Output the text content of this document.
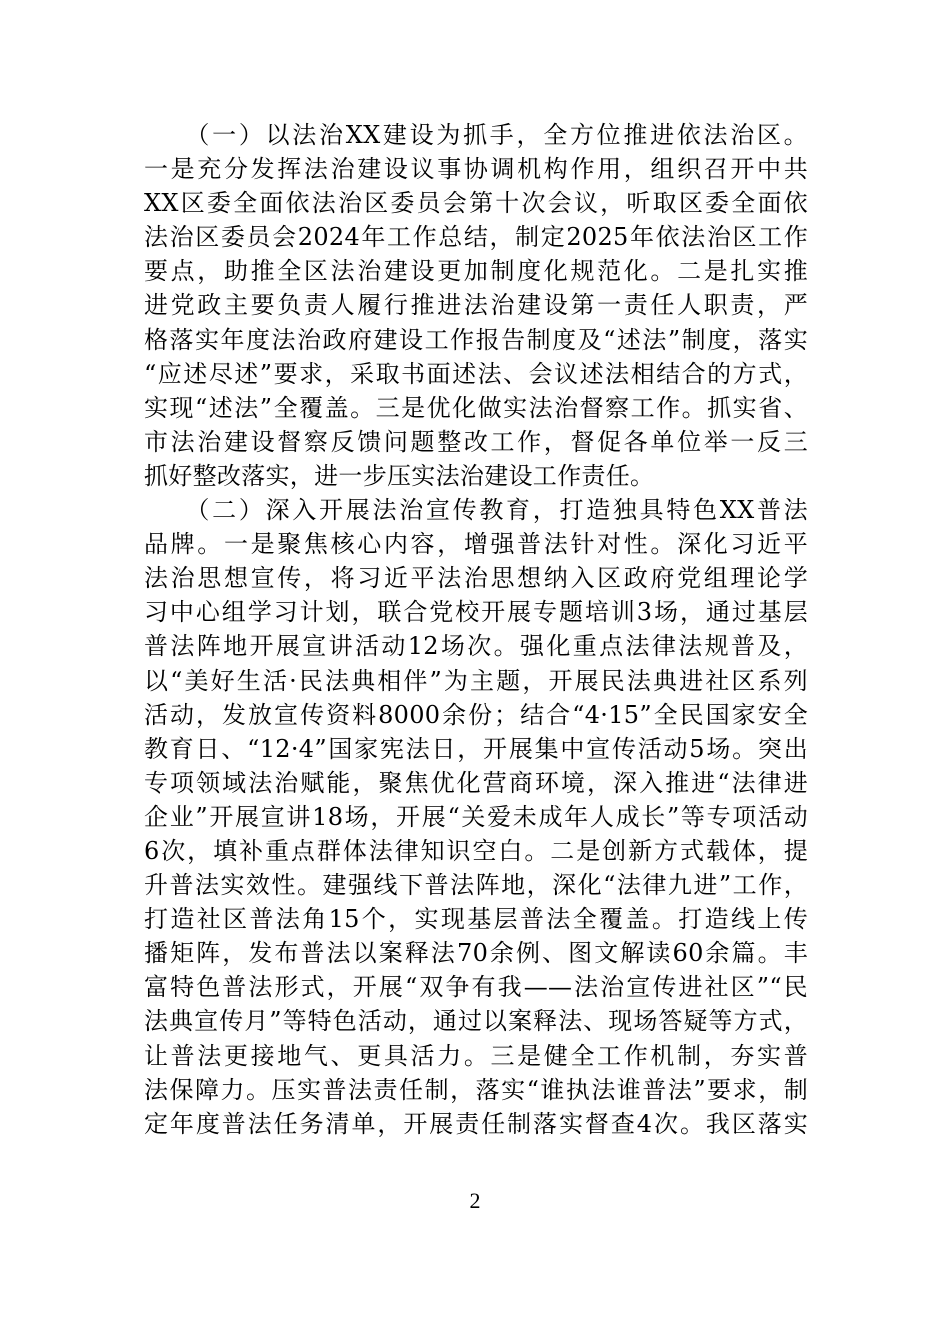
　　（一）以法治XX建设为抓手，全方位推进依法治区。
一是充分发挥法治建设议事协调机构作用，组织召开中共
XX区委全面依法治区委员会第十次会议，听取区委全面依
法治区委员会2024年工作总结，制定2025年依法治区工作
要点，助推全区法治建设更加制度化规范化。二是扎实推
进党政主要负责人履行推进法治建设第一责任人职责，严
格落实年度法治政府建设工作报告制度及“述法”制度，落实
“应述尽述”要求，采取书面述法、会议述法相结合的方式，
实现“述法”全覆盖。三是优化做实法治督察工作。抓实省、
市法治建设督察反馈问题整改工作，督促各单位举一反三
抓好整改落实，进一步压实法治建设工作责任。
　　（二）深入开展法治宣传教育，打造独具特色XX普法
品牌。一是聚焦核心内容，增强普法针对性。深化习近平
法治思想宣传，将习近平法治思想纳入区政府党组理论学
习中心组学习计划，联合党校开展专题培训3场，通过基层
普法阵地开展宣讲活动12场次。强化重点法律法规普及，
以“美好生活·民法典相伴”为主题，开展民法典进社区系列
活动，发放宣传资料8000余份；结合“4·15”全民国家安全
教育日、“12·4”国家宪法日，开展集中宣传活动5场。突出
专项领域法治赋能，聚焦优化营商环境，深入推进“法律进
企业”开展宣讲18场，开展“关爱未成年人成长”等专项活动
6次，填补重点群体法律知识空白。二是创新方式载体，提
升普法实效性。建强线下普法阵地，深化“法律九进”工作，
打造社区普法角15个，实现基层普法全覆盖。打造线上传
播矩阵，发布普法以案释法70余例、图文解读60余篇。丰
富特色普法形式，开展“双争有我——法治宣传进社区”“民
法典宣传月”等特色活动，通过以案释法、现场答疑等方式，
让普法更接地气、更具活力。三是健全工作机制，夯实普
法保障力。压实普法责任制，落实“谁执法谁普法”要求，制
定年度普法任务清单，开展责任制落实督查4次。我区落实
2
